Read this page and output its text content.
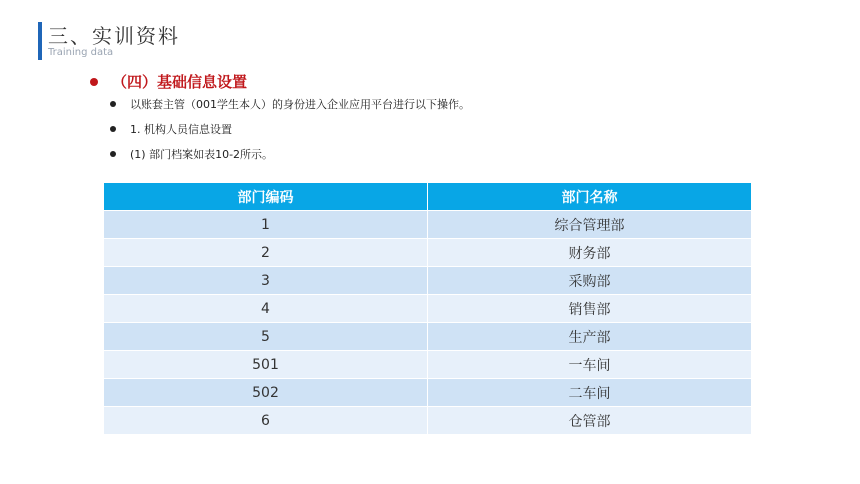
三、实训资料
Training data
（四）基础信息设置
以账套主管（001学生本人）的身份进入企业应用平台进行以下操作。
1. 机构人员信息设置
(1) 部门档案如表10-2所示。
部门编码	部门名称
1	综合管理部
2	财务部
3	采购部
4	销售部
5	生产部
501	一车间
502	二车间
6	仓管部
